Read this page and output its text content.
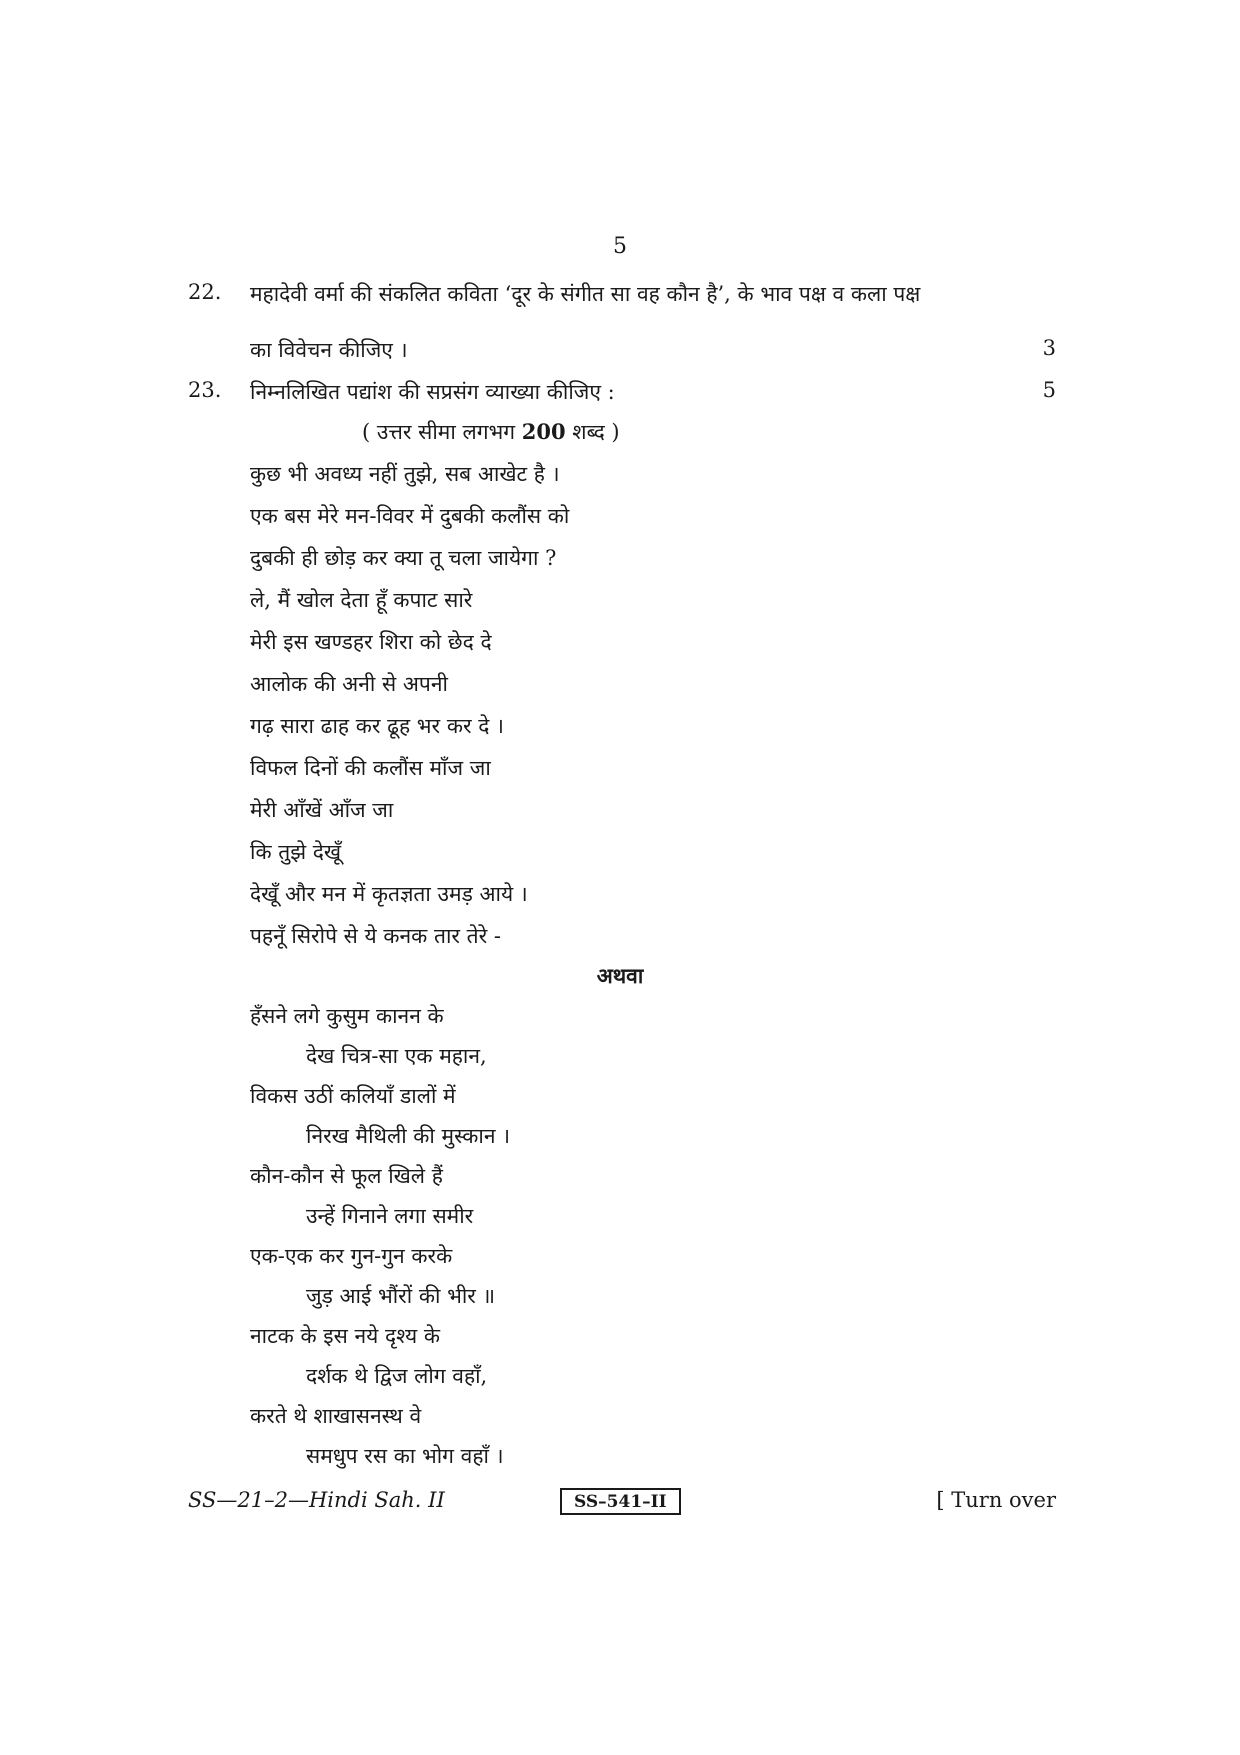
5
22. महादेवी वर्मा की संकलित कविता ‘दूर के संगीत सा वह कौन है’, के भाव पक्ष व कला पक्ष
का विवेचन कीजिए ।	3
23. निम्नलिखित पद्यांश की सप्रसंग व्याख्या कीजिए :	5
( उत्तर सीमा लगभग 200 शब्द )
कुछ भी अवध्य नहीं तुझे, सब आखेट है ।
एक बस मेरे मन-विवर में दुबकी कलौंस को
दुबकी ही छोड़ कर क्या तू चला जायेगा ?
ले, मैं खोल देता हूँ कपाट सारे
मेरी इस खण्डहर शिरा को छेद दे
आलोक की अनी से अपनी
गढ़ सारा ढाह कर ढूह भर कर दे ।
विफल दिनों की कलौंस माँज जा
मेरी आँखें आँज जा
कि तुझे देखूँ
देखूँ और मन में कृतज्ञता उमड़ आये ।
पहनूँ सिरोपे से ये कनक तार तेरे -
अथवा
हँसने लगे कुसुम कानन के
देख चित्र-सा एक महान,
विकस उठीं कलियाँ डालों में
निरख मैथिली की मुस्कान ।
कौन-कौन से फूल खिले हैं
उन्हें गिनाने लगा समीर
एक-एक कर गुन-गुन करके
जुड़ आई भौंरों की भीर ॥
नाटक के इस नये दृश्य के
दर्शक थे द्विज लोग वहाँ,
करते थे शाखासनस्थ वे
समधुप रस का भोग वहाँ ।
SS—21–2—Hindi Sah. II	SS–541–II	[ Turn over
